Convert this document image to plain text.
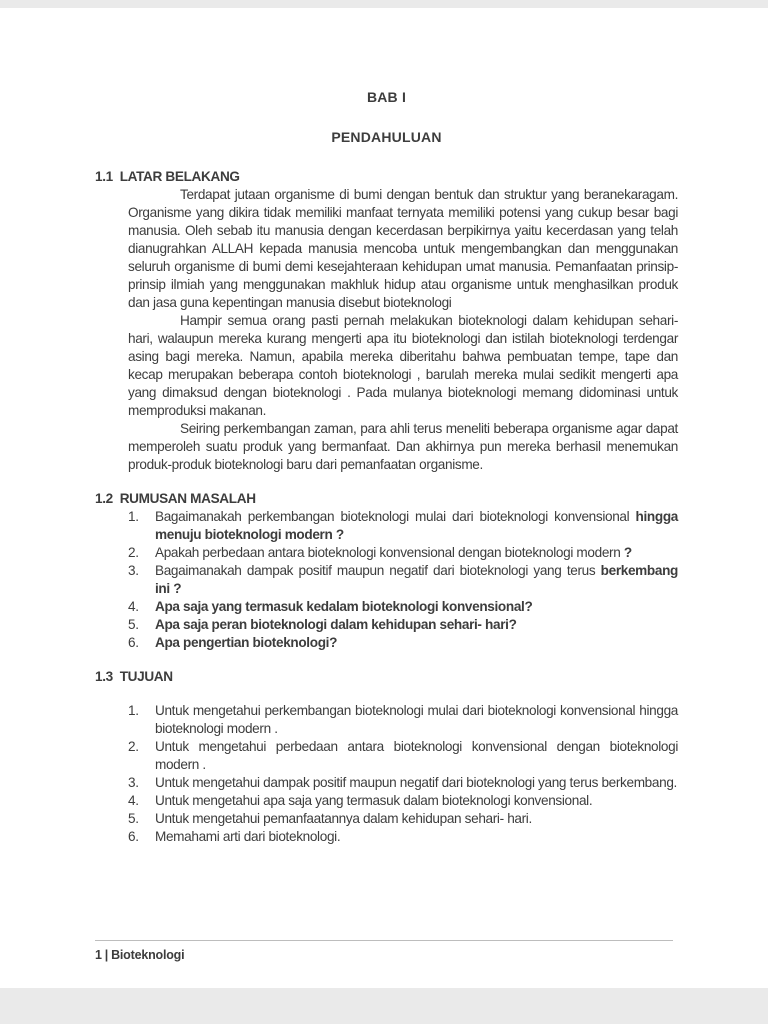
BAB I
PENDAHULUAN
1.1  LATAR BELAKANG

Terdapat jutaan organisme di bumi dengan bentuk dan struktur yang beranekaragam. Organisme yang dikira tidak memiliki manfaat ternyata memiliki potensi yang cukup besar bagi manusia. Oleh sebab itu manusia dengan kecerdasan berpikirnya yaitu kecerdasan yang telah dianugrahkan ALLAH kepada manusia mencoba untuk mengembangkan dan menggunakan seluruh organisme di bumi demi kesejahteraan kehidupan umat manusia. Pemanfaatan prinsip-prinsip ilmiah yang menggunakan makhluk hidup atau organisme untuk menghasilkan produk dan jasa guna kepentingan manusia disebut bioteknologi

Hampir semua orang pasti pernah melakukan bioteknologi dalam kehidupan sehari-hari, walaupun mereka kurang mengerti apa itu bioteknologi dan istilah bioteknologi terdengar asing bagi mereka. Namun, apabila mereka diberitahu bahwa pembuatan tempe, tape dan kecap merupakan beberapa contoh bioteknologi , barulah mereka mulai sedikit mengerti apa yang dimaksud dengan bioteknologi . Pada mulanya bioteknologi memang didominasi untuk memproduksi makanan.

Seiring perkembangan zaman, para ahli terus meneliti beberapa organisme agar dapat memperoleh suatu produk yang bermanfaat. Dan akhirnya pun mereka berhasil menemukan produk-produk bioteknologi baru dari pemanfaatan organisme.

1.2  RUMUSAN MASALAH
1.	Bagaimanakah perkembangan bioteknologi mulai dari bioteknologi konvensional hingga menuju bioteknologi modern ?
2.	Apakah perbedaan antara bioteknologi konvensional dengan bioteknologi modern ?
3.	Bagaimanakah dampak positif maupun negatif dari bioteknologi yang terus berkembang ini ?
4.	Apa saja yang termasuk kedalam bioteknologi konvensional?
5.	Apa saja peran bioteknologi dalam kehidupan sehari- hari?
6.	Apa pengertian bioteknologi?
1.3  TUJUAN
1.	Untuk mengetahui perkembangan bioteknologi mulai dari bioteknologi konvensional hingga bioteknologi modern .
2.	Untuk mengetahui perbedaan antara bioteknologi konvensional dengan bioteknologi modern .
3.	Untuk mengetahui dampak positif maupun negatif dari bioteknologi yang terus berkembang.
4.	Untuk mengetahui apa saja yang termasuk dalam bioteknologi konvensional.
5.	Untuk mengetahui pemanfaatannya dalam kehidupan sehari- hari.
6.	Memahami arti dari bioteknologi.
1 | Bioteknologi
